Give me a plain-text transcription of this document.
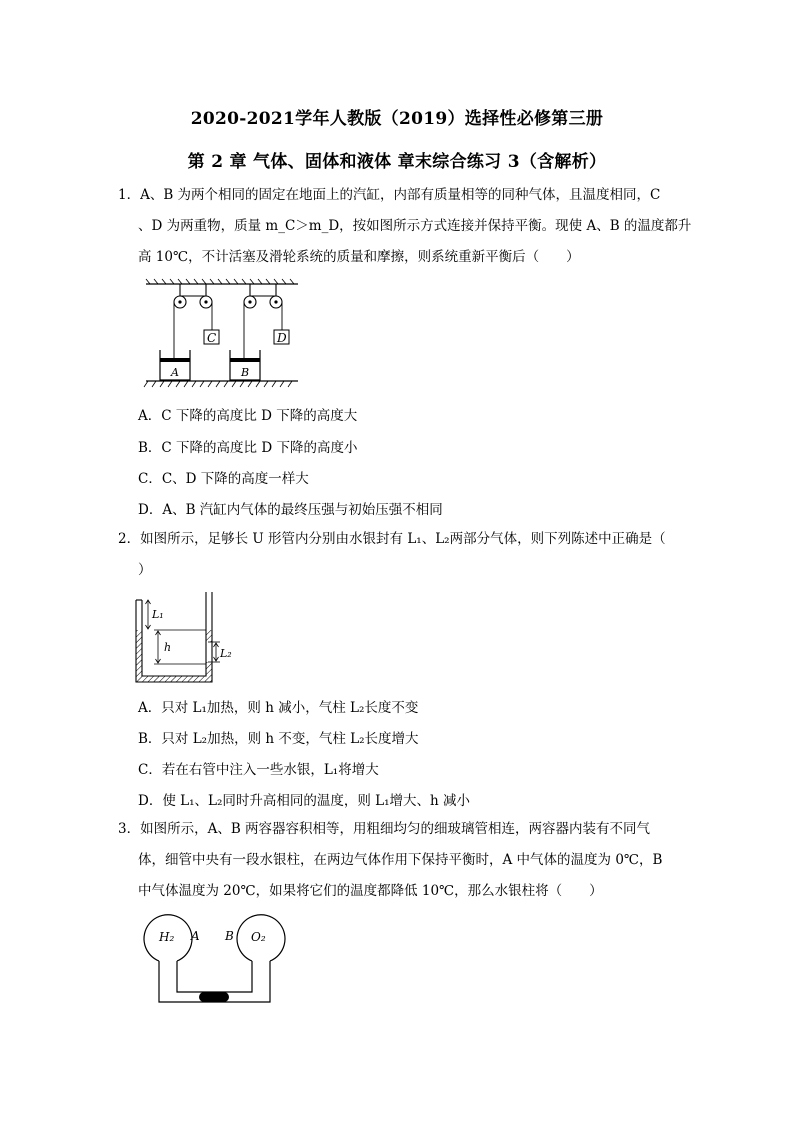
2020-2021学年人教版（2019）选择性必修第三册
第 2 章 气体、固体和液体 章末综合练习 3（含解析）
1．A、B 为两个相同的固定在地面上的汽缸，内部有质量相等的同种气体，且温度相同，C
、D 为两重物，质量 m_C＞m_D，按如图所示方式连接并保持平衡。现使 A、B 的温度都升
高 10℃，不计活塞及滑轮系统的质量和摩擦，则系统重新平衡后（　　）
C	D
A	B
A．C 下降的高度比 D 下降的高度大
B．C 下降的高度比 D 下降的高度小
C．C、D 下降的高度一样大
D．A、B 汽缸内气体的最终压强与初始压强不相同
2．如图所示，足够长 U 形管内分别由水银封有 L₁、L₂两部分气体，则下列陈述中正确是（
）
L₁
h	L₂
A．只对 L₁加热，则 h 减小，气柱 L₂长度不变
B．只对 L₂加热，则 h 不变，气柱 L₂长度增大
C．若在右管中注入一些水银，L₁将增大
D．使 L₁、L₂同时升高相同的温度，则 L₁增大、h 减小
3．如图所示，A、B 两容器容积相等，用粗细均匀的细玻璃管相连，两容器内装有不同气
体，细管中央有一段水银柱，在两边气体作用下保持平衡时，A 中气体的温度为 0℃，B
中气体温度为 20℃，如果将它们的温度都降低 10℃，那么水银柱将（　　）
H₂ A B O₂
